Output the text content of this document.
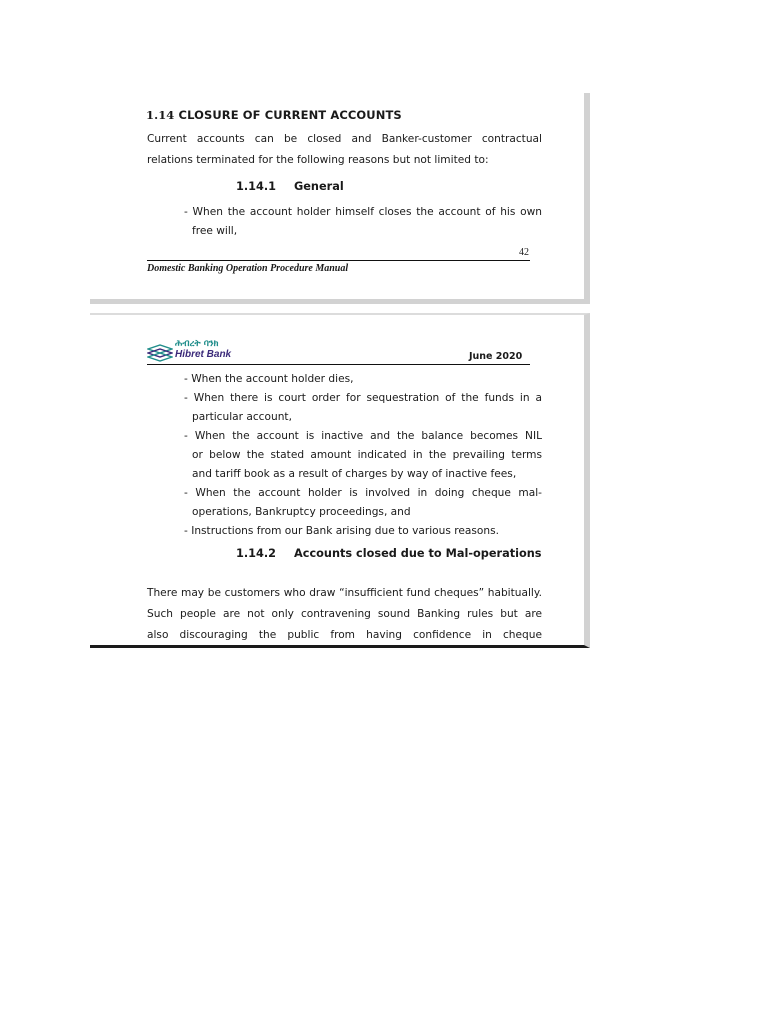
1.14 CLOSURE OF CURRENT ACCOUNTS
Current accounts can be closed and Banker-customer contractual
relations terminated for the following reasons but not limited to:
1.14.1 General
- When the account holder himself closes the account of his own
free will,
42
Domestic Banking Operation Procedure Manual
ሕብረት ባንክ
Hibret Bank	June 2020
- When the account holder dies,
- When there is court order for sequestration of the funds in a
particular account,
- When the account is inactive and the balance becomes NIL
or below the stated amount indicated in the prevailing terms
and tariff book as a result of charges by way of inactive fees,
- When the account holder is involved in doing cheque mal-
operations, Bankruptcy proceedings, and
- Instructions from our Bank arising due to various reasons.
1.14.2 Accounts closed due to Mal-operations
There may be customers who draw “insufficient fund cheques” habitually.
Such people are not only contravening sound Banking rules but are
also discouraging the public from having confidence in cheque
